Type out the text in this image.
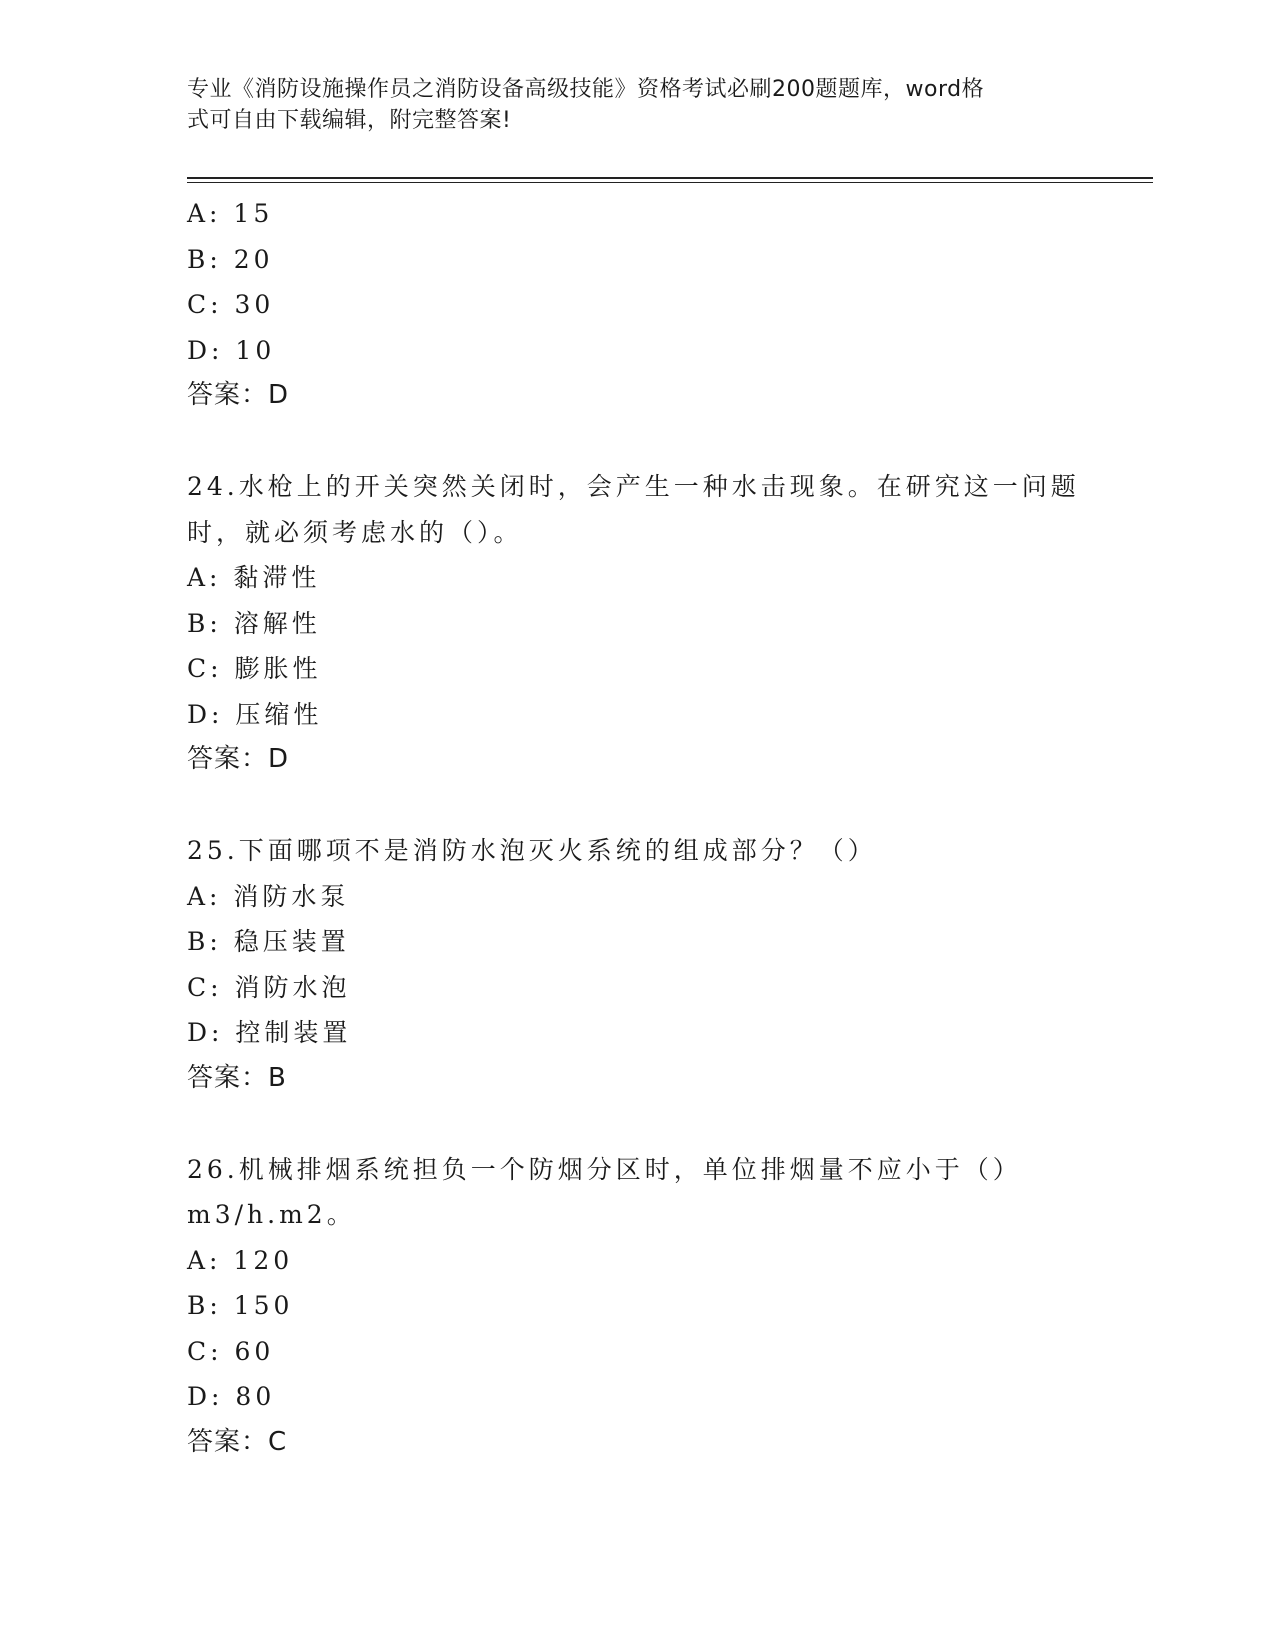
专业《消防设施操作员之消防设备高级技能》资格考试必刷200题题库，word格
式可自由下载编辑，附完整答案!
A: 15
B: 20
C: 30
D: 10
答案：D
24.水枪上的开关突然关闭时，会产生一种水击现象。在研究这一问题
时，就必须考虑水的（）。
A: 黏滞性
B: 溶解性
C: 膨胀性
D: 压缩性
答案：D
25.下面哪项不是消防水泡灭火系统的组成部分？（）
A: 消防水泵
B: 稳压装置
C: 消防水泡
D: 控制装置
答案：B
26.机械排烟系统担负一个防烟分区时，单位排烟量不应小于（）
m3/h.m2。
A: 120
B: 150
C: 60
D: 80
答案：C
